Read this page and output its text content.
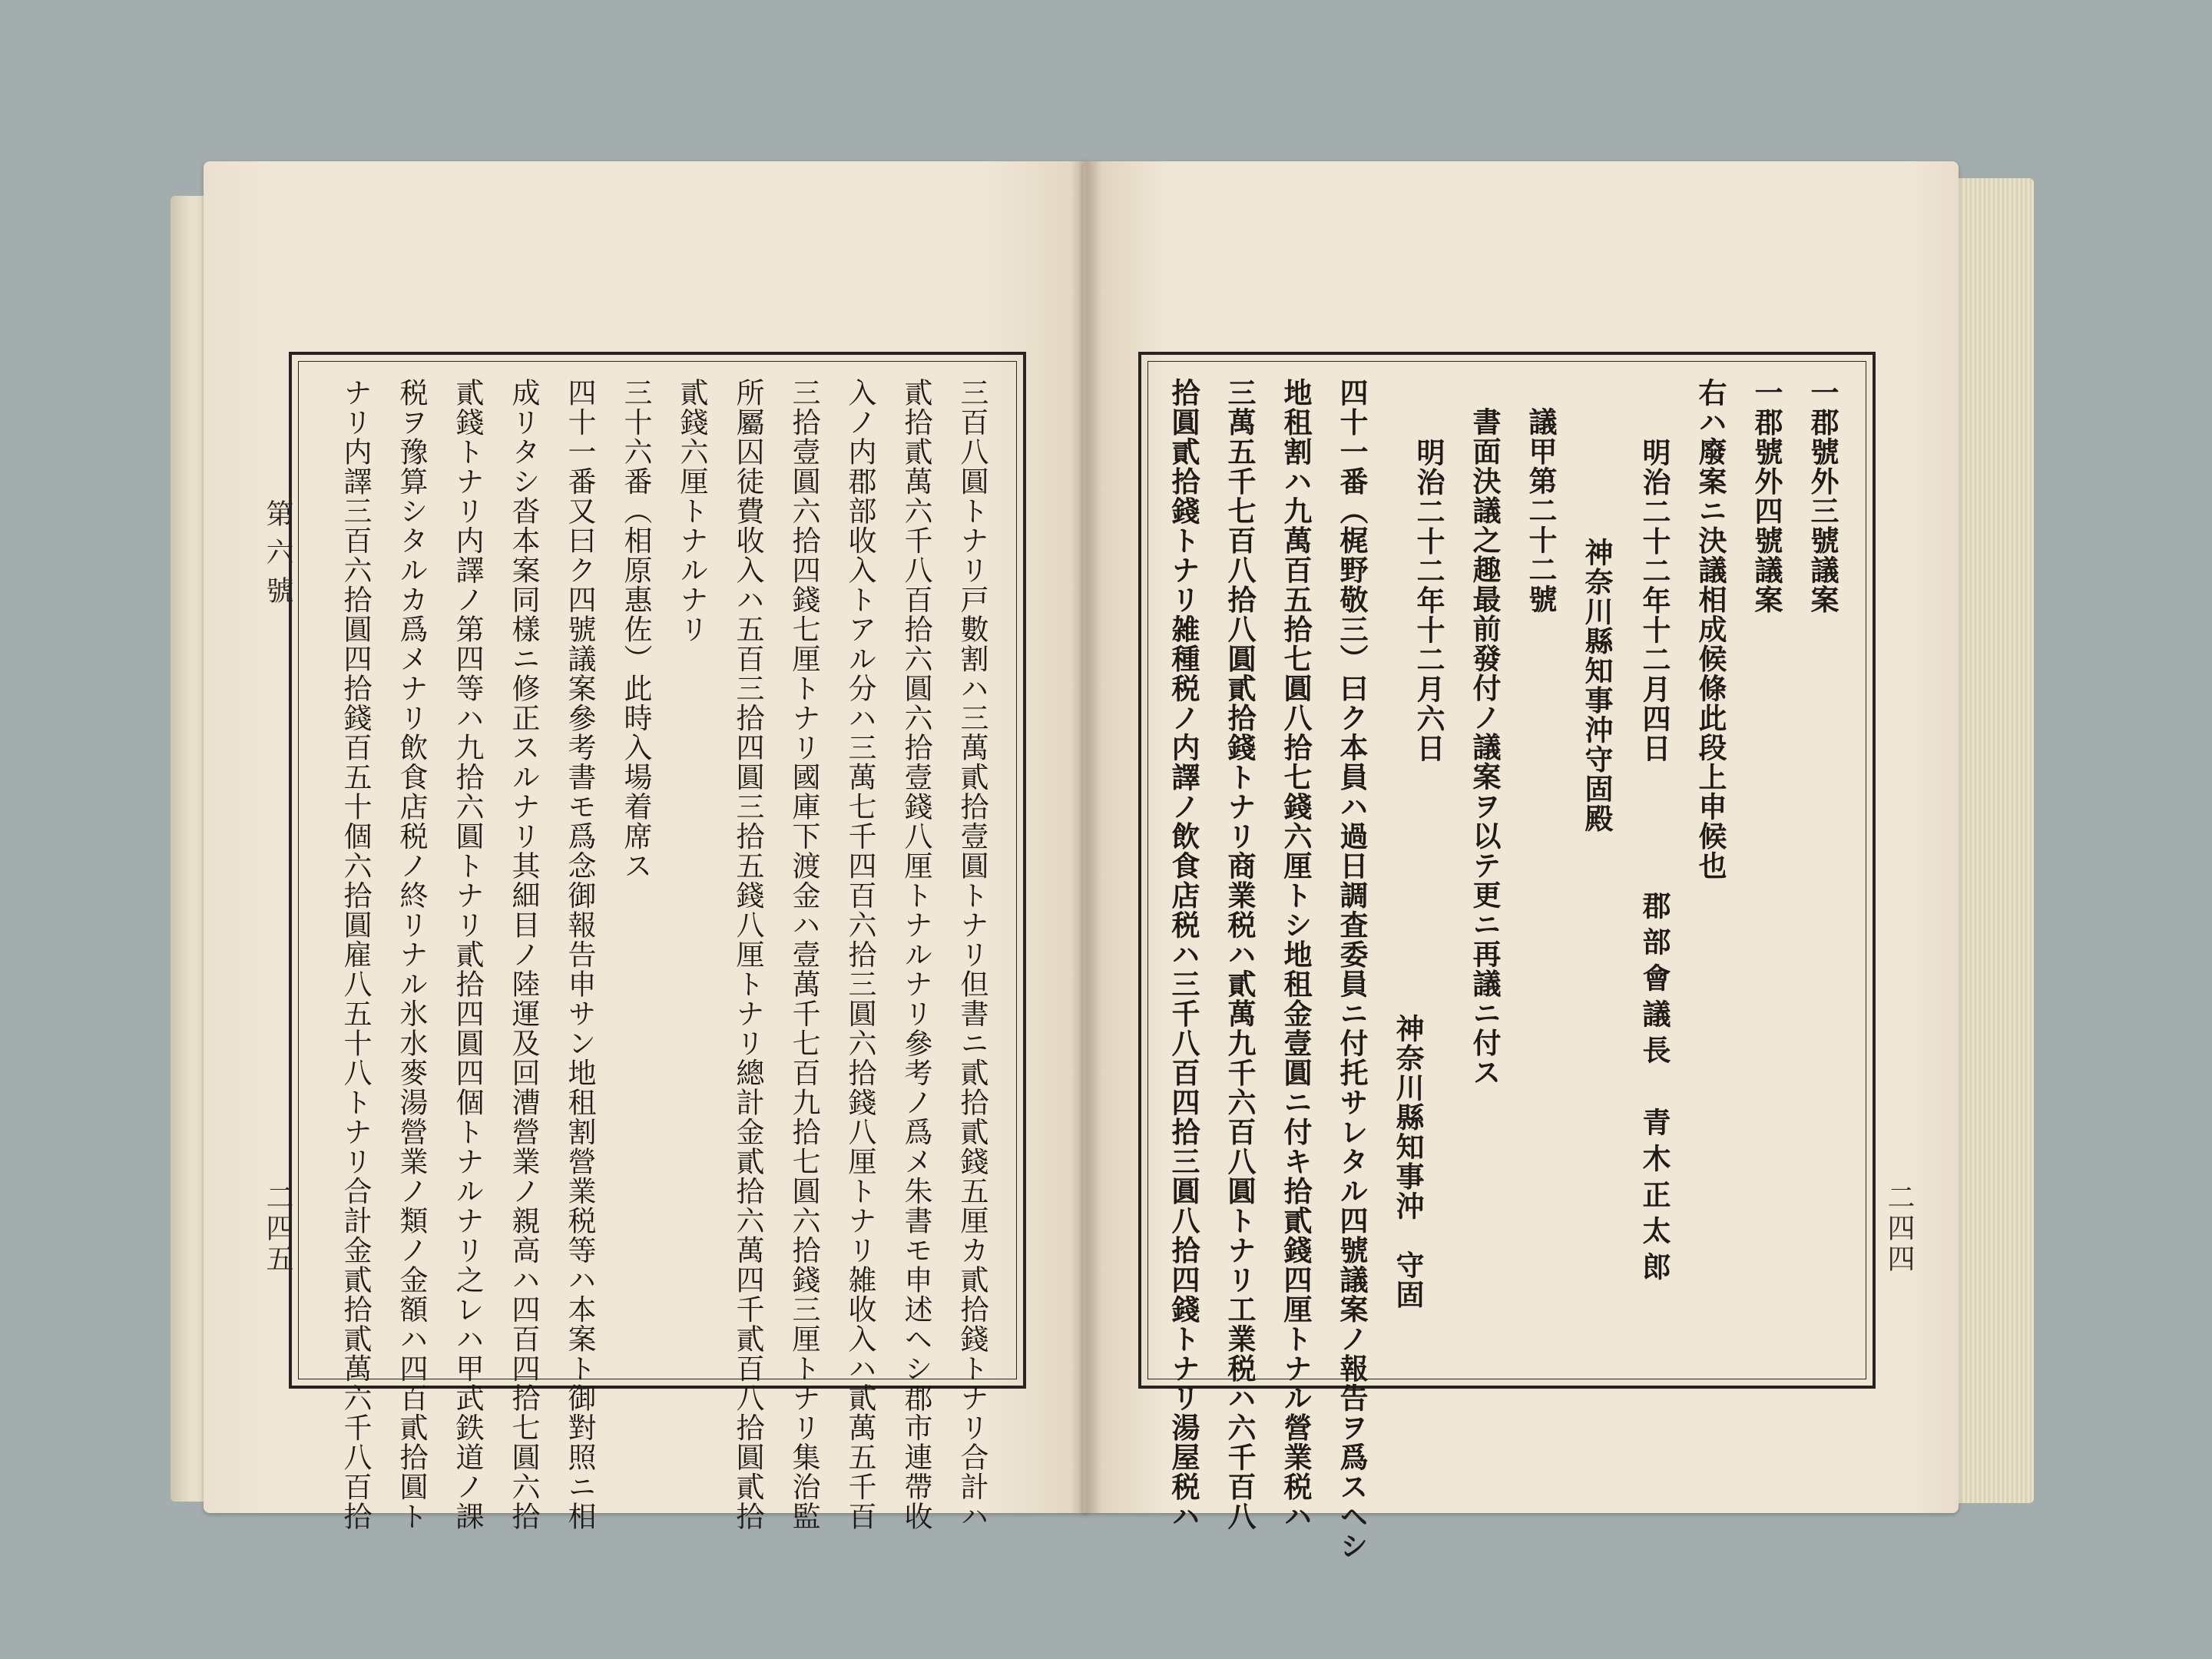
第六號
二四五	二四四
三百八圓トナリ戸數割ハ三萬貳拾壹圓トナリ但書ニ貳拾貳錢五厘カ貳拾錢トナリ合計ハ
貳拾貳萬六千八百拾六圓六拾壹錢八厘トナルナリ參考ノ爲メ朱書モ申述ヘシ郡市連帶收
入ノ内郡部收入トアル分ハ三萬七千四百六拾三圓六拾錢八厘トナリ雑收入ハ貳萬五千百
三拾壹圓六拾四錢七厘トナリ國庫下渡金ハ壹萬千七百九拾七圓六拾錢三厘トナリ集治監
所屬囚徒費收入ハ五百三拾四圓三拾五錢八厘トナリ總計金貳拾六萬四千貳百八拾圓貳拾
貳錢六厘トナルナリ
三十六番（相原惠佐）此時入場着席ス
四十一番又曰ク四號議案參考書モ爲念御報告申サン地租割營業税等ハ本案ト御對照ニ相
成リタシ沓本案同樣ニ修正スルナリ其細目ノ陸運及回漕營業ノ親高ハ四百四拾七圓六拾
貳錢トナリ内譯ノ第四等ハ九拾六圓トナリ貳拾四圓四個トナルナリ之レハ甲武鉄道ノ課
税ヲ豫算シタルカ爲メナリ飲食店税ノ終リナル氷水麥湯營業ノ類ノ金額ハ四百貳拾圓ト
ナリ内譯三百六拾圓四拾錢百五十個六拾圓雇八五十八トナリ合計金貳拾貳萬六千八百拾	一郡號外三號議案
一郡號外四號議案
右ハ廢案ニ決議相成候條此段上申候也
明治二十二年十二月四日
郡部會議長　青木正太郎
神奈川縣知事沖守固殿
議甲第二十二號
書面決議之趣最前發付ノ議案ヲ以テ更ニ再議ニ付ス
明治二十二年十二月六日
神奈川縣知事沖　守固
四十一番（梶野敬三）曰ク本員ハ過日調査委員ニ付托サレタル四號議案ノ報告ヲ爲スヘシ
地租割ハ九萬百五拾七圓八拾七錢六厘トシ地租金壹圓ニ付キ拾貳錢四厘トナル營業税ハ
三萬五千七百八拾八圓貳拾錢トナリ商業税ハ貳萬九千六百八圓トナリ工業税ハ六千百八
拾圓貳拾錢トナリ雑種税ノ内譯ノ飲食店税ハ三千八百四拾三圓八拾四錢トナリ湯屋税ハ
